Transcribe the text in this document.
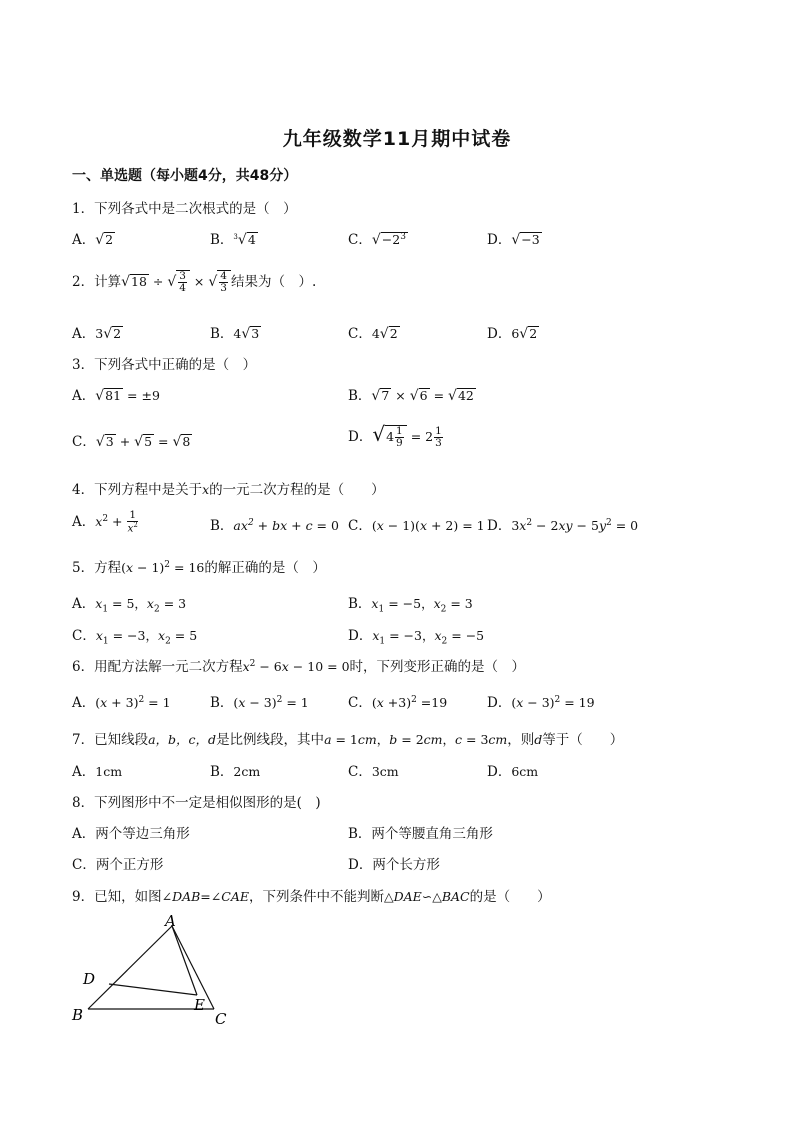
九年级数学11月期中试卷
一、单选题（每小题4分，共48分）
1．下列各式中是二次根式的是（　）
A．√2	B．$^3$√4	C．$√-2^3$	D．√−3
2．计算√18 ÷ √ $\frac{3}{4}$ × √ $\frac{4}{3}$ 结果为（　）.
A．3√2	B．4√3	C．4√2	D．6√2
3．下列各式中正确的是（　）
A．√81 = ±9	B．√7 × √6 = √42
C．√3 + √5 = √8	D．$√4 \frac{1}{9} = 2 \frac{1}{3}$
4．下列方程中是关于x的一元二次方程的是（　　）
A．$x^2 + \frac{1}{x^2}$	B．$ax^2$ + bx + c = 0 C．(x − 1)(x + 2) = 1 D．$3x^2 - 2xy - 5y^2 = 0$
5．方程$(x - 1)^2 = 16$的解正确的是（　）
A．$x_1 = 5$，$x_2 = 3$	B．$x_1 = -5$，$x_2 = 3$
C．$x_1 = -3$，$x_2 = 5$	D．$x_1 = -3$，$x_2 = -5$
6．用配方法解一元二次方程$x^2 - 6x - 10 = 0$时，下列变形正确的是（　）
A．$(x + 3)^2 = 1$	B．$(x - 3)^2 = 1$	C．$(x +3)^2 =19$	D．$(x - 3)^2 = 19$
7．已知线段a，b，c，d是比例线段，其中a = 1cm，b = 2cm，c = 3cm，则d等于（　　）
A．1cm	B．2cm	C．3cm	D．6cm
8．下列图形中不一定是相似图形的是(　)
A．两个等边三角形	B．两个等腰直角三角形
C．两个正方形	D．两个长方形
9．已知，如图∠DAB=∠CAE，下列条件中不能判断△DAE∽△BAC的是（　　）
A
B	C
D
E
